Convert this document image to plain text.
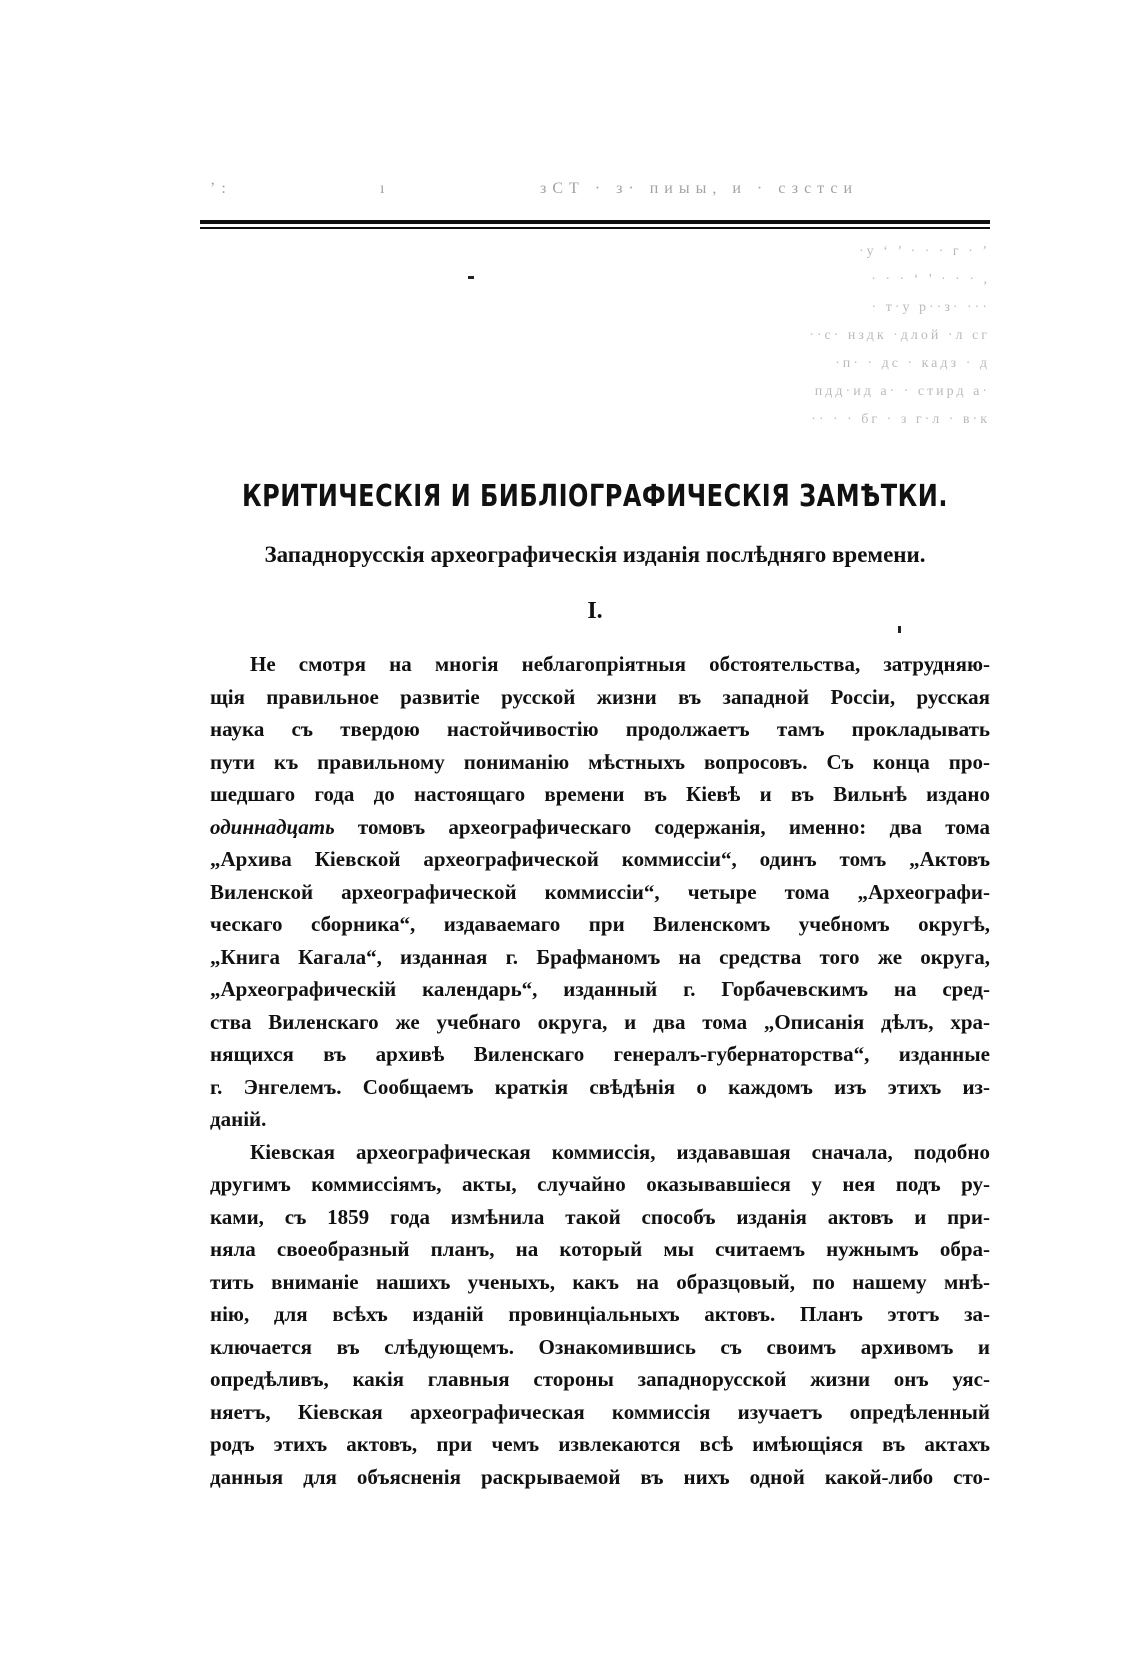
’:	ı	зСТ · з· пиыы, и · сзстси
·у ‘ ’ · · · г · ʼ
· · · ‘ ’ · · · ,
· т·у р··з· ···
··с· нздк ·длой ·л сг
·п· · дс · кадз · д
пдд·ид а· · стирд а·
·· · · бг · з г·л · в·к
КРИТИЧЕСКІЯ И БИБЛІОГРАФИЧЕСКІЯ ЗАМѢТКИ.
Западнорусскія археографическія изданія послѣдняго времени.
I.
Не смотря на многія неблагопріятныя обстоятельства, затрудняю-
щія правильное развитіе русской жизни въ западной Россіи, русская
наука съ твердою настойчивостію продолжаетъ тамъ прокладывать
пути къ правильному пониманію мѣстныхъ вопросовъ. Съ конца про-
шедшаго года до настоящаго времени въ Кіевѣ и въ Вильнѣ издано
одиннадцать томовъ археографическаго содержанія, именно: два тома
„Архива Кіевской археографической коммиссіи“, одинъ томъ „Актовъ
Виленской археографической коммиссіи“, четыре тома „Археографи-
ческаго сборника“, издаваемаго при Виленскомъ учебномъ округѣ,
„Книга Кагала“, изданная г. Брафманомъ на средства того же округа,
„Археографическій календарь“, изданный г. Горбачевскимъ на сред-
ства Виленскаго же учебнаго округа, и два тома „Описанія дѣлъ, хра-
нящихся въ архивѣ Виленскаго генералъ-губернаторства“, изданные
г. Энгелемъ. Сообщаемъ краткія свѣдѣнія о каждомъ изъ этихъ из-
даній.
Кіевская археографическая коммиссія, издававшая сначала, подобно
другимъ коммиссіямъ, акты, случайно оказывавшіеся у нея подъ ру-
ками, съ 1859 года измѣнила такой способъ изданія актовъ и при-
няла своеобразный планъ, на который мы считаемъ нужнымъ обра-
тить вниманіе нашихъ ученыхъ, какъ на образцовый, по нашему мнѣ-
нію, для всѣхъ изданій провинціальныхъ актовъ. Планъ этотъ за-
ключается въ слѣдующемъ. Ознакомившись съ своимъ архивомъ и
опредѣливъ, какія главныя стороны западнорусской жизни онъ уяс-
няетъ, Кіевская археографическая коммиссія изучаетъ опредѣленный
родъ этихъ актовъ, при чемъ извлекаются всѣ имѣющіяся въ актахъ
данныя для объясненія раскрываемой въ нихъ одной какой-либо сто-
